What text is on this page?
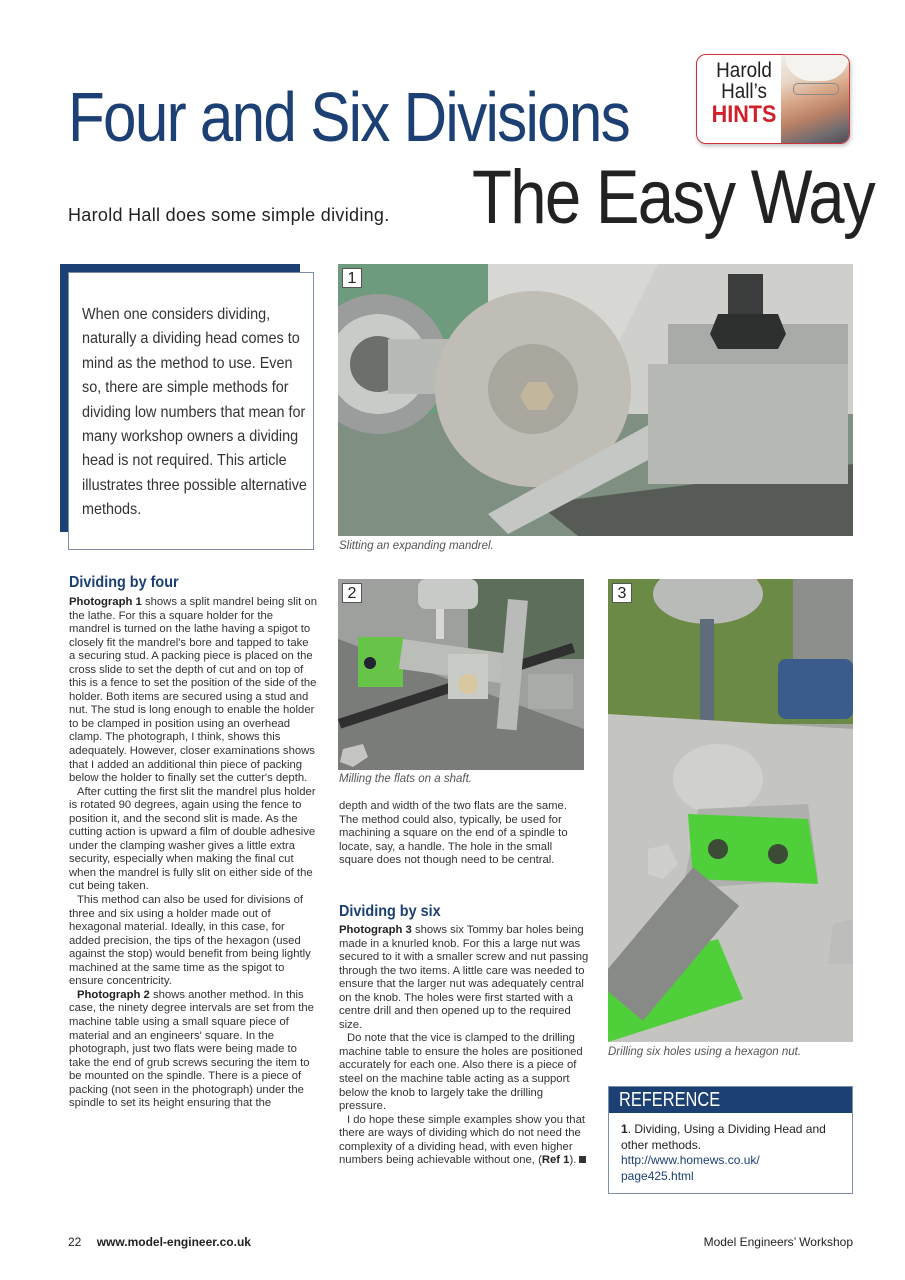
Four and Six Divisions
The Easy Way
Harold Hall does some simple dividing.
Harold
Hall’s
HINTS
When one considers dividing, naturally a dividing head comes to mind as the method to use. Even so, there are simple methods for dividing low numbers that mean for many workshop owners a dividing head is not required. This article illustrates three possible alternative methods.
1
Slitting an expanding mandrel.
2
Milling the flats on a shaft.
3
Drilling six holes using a hexagon nut.
Dividing by four

Photograph 1 shows a split mandrel being slit on the lathe. For this a square holder for the mandrel is turned on the lathe having a spigot to closely fit the mandrel's bore and tapped to take a securing stud. A packing piece is placed on the cross slide to set the depth of cut and on top of this is a fence to set the position of the side of the holder. Both items are secured using a stud and nut. The stud is long enough to enable the holder to be clamped in position using an overhead clamp. The photograph, I think, shows this adequately. However, closer examinations shows that I added an additional thin piece of packing below the holder to finally set the cutter's depth.

After cutting the first slit the mandrel plus holder is rotated 90 degrees, again using the fence to position it, and the second slit is made. As the cutting action is upward a film of double adhesive under the clamping washer gives a little extra security, especially when making the final cut when the mandrel is fully slit on either side of the cut being taken.

This method can also be used for divisions of three and six using a holder made out of hexagonal material. Ideally, in this case, for added precision, the tips of the hexagon (used against the stop) would benefit from being lightly machined at the same time as the spigot to ensure concentricity.

Photograph 2 shows another method. In this case, the ninety degree intervals are set from the machine table using a small square piece of material and an engineers' square. In the photograph, just two flats were being made to take the end of grub screws securing the item to be mounted on the spindle. There is a piece of packing (not seen in the photograph) under the spindle to set its height ensuring that the

depth and width of the two flats are the same. The method could also, typically, be used for machining a square on the end of a spindle to locate, say, a handle. The hole in the small square does not though need to be central.

Dividing by six

Photograph 3 shows six Tommy bar holes being made in a knurled knob. For this a large nut was secured to it with a smaller screw and nut passing through the two items. A little care was needed to ensure that the larger nut was adequately central on the knob. The holes were first started with a centre drill and then opened up to the required size.

Do note that the vice is clamped to the drilling machine table to ensure the holes are positioned accurately for each one. Also there is a piece of steel on the machine table acting as a support below the knob to largely take the drilling pressure.

I do hope these simple examples show you that there are ways of dividing which do not need the complexity of a dividing head, with even higher numbers being achievable without one, (Ref 1).

REFERENCE
1. Dividing, Using a Dividing Head and other methods.
http://www.homews.co.uk/
page425.html
22 www.model-engineer.co.uk	Model Engineers’ Workshop
